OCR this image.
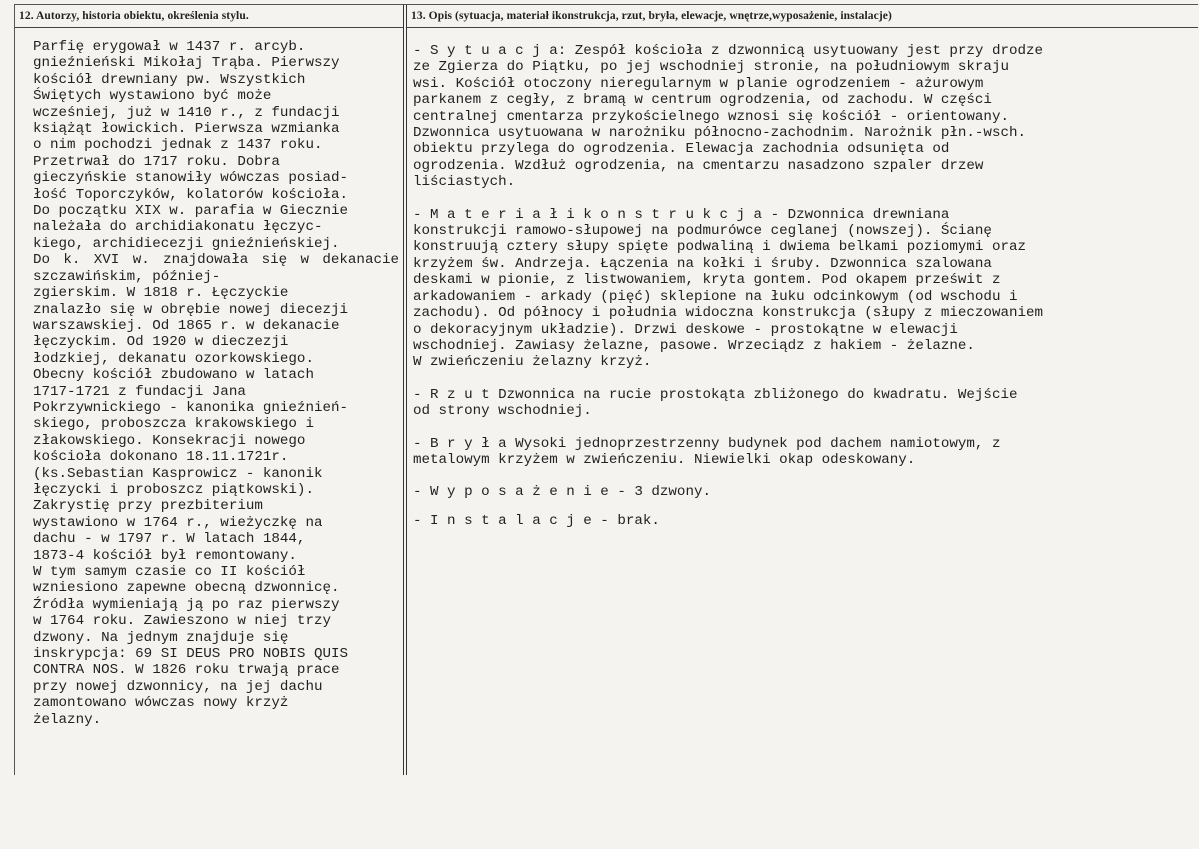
12. Autorzy, historia obiektu, określenia stylu.
Parfię erygował w 1437 r. arcyb.
gnieźnieński Mikołaj Trąba. Pierwszy
kościół drewniany pw. Wszystkich
Świętych wystawiono być może
wcześniej, już w 1410 r., z fundacji
książąt łowickich. Pierwsza wzmianka
o nim pochodzi jednak z 1437 roku.
Przetrwał do 1717 roku. Dobra
gieczyńskie stanowiły wówczas posiad-
łość Toporczyków, kolatorów kościoła.
Do początku XIX w. parafia w Giecznie
należała do archidiakonatu łęczyc-
kiego, archidiecezji gnieźnieńskiej.
Do k. XVI w. znajdowała się w dekanacie szczawińskim, później-
zgierskim. W 1818 r. Łęczyckie
znalazło się w obrębie nowej diecezji
warszawskiej. Od 1865 r. w dekanacie
łęczyckim. Od 1920 w dieczezji
łodzkiej, dekanatu ozorkowskiego.
Obecny kościół zbudowano w latach
1717-1721 z fundacji Jana
Pokrzywnickiego - kanonika gnieźnień-
skiego, proboszcza krakowskiego i
złakowskiego. Konsekracji nowego
kościoła dokonano 18.11.1721r.
(ks.Sebastian Kasprowicz - kanonik
łęczycki i proboszcz piątkowski).
Zakrystię przy prezbiterium
wystawiono w 1764 r., wieżyczkę na
dachu - w 1797 r. W latach 1844,
1873-4 kościół był remontowany.
W tym samym czasie co II kościół
wzniesiono zapewne obecną dzwonnicę.
Źródła wymieniają ją po raz pierwszy
w 1764 roku. Zawieszono w niej trzy
dzwony. Na jednym znajduje się
inskrypcja: 69 SI DEUS PRO NOBIS QUIS
CONTRA NOS. W 1826 roku trwają prace
przy nowej dzwonnicy, na jej dachu
zamontowano wówczas nowy krzyż
żelazny.
13. Opis (sytuacja, materiał ikonstrukcja, rzut, bryła, elewacje, wnętrze,wyposażenie, instalacje)
- S y t u a c j a: Zespół kościoła z dzwonnicą usytuowany jest przy drodze
ze Zgierza do Piątku, po jej wschodniej stronie, na południowym skraju
wsi. Kościół otoczony nieregularnym w planie ogrodzeniem - ażurowym
parkanem z cegły, z bramą w centrum ogrodzenia, od zachodu. W części
centralnej cmentarza przykościelnego wznosi się kościół - orientowany.
Dzwonnica usytuowana w narożniku północno-zachodnim. Narożnik płn.-wsch.
obiektu przylega do ogrodzenia. Elewacja zachodnia odsunięta od
ogrodzenia. Wzdłuż ogrodzenia, na cmentarzu nasadzono szpaler drzew
liściastych.
- M a t e r i a ł i k o n s t r u k c j a - Dzwonnica drewniana
konstrukcji ramowo-słupowej na podmurówce ceglanej (nowszej). Ścianę
konstruują cztery słupy spięte podwaliną i dwiema belkami poziomymi oraz
krzyżem św. Andrzeja. Łączenia na kołki i śruby. Dzwonnica szalowana
deskami w pionie, z listwowaniem, kryta gontem. Pod okapem prześwit z
arkadowaniem - arkady (pięć) sklepione na łuku odcinkowym (od wschodu i
zachodu). Od północy i południa widoczna konstrukcja (słupy z mieczowaniem
o dekoracyjnym układzie). Drzwi deskowe - prostokątne w elewacji
wschodniej. Zawiasy żelazne, pasowe. Wrzeciądz z hakiem - żelazne.
W zwieńczeniu żelazny krzyż.
- R z u t Dzwonnica na rucie prostokąta zbliżonego do kwadratu. Wejście
od strony wschodniej.
- B r y ł a Wysoki jednoprzestrzenny budynek pod dachem namiotowym, z
metalowym krzyżem w zwieńczeniu. Niewielki okap odeskowany.
- W y p o s a ż e n i e - 3 dzwony.
- I n s t a l a c j e - brak.
